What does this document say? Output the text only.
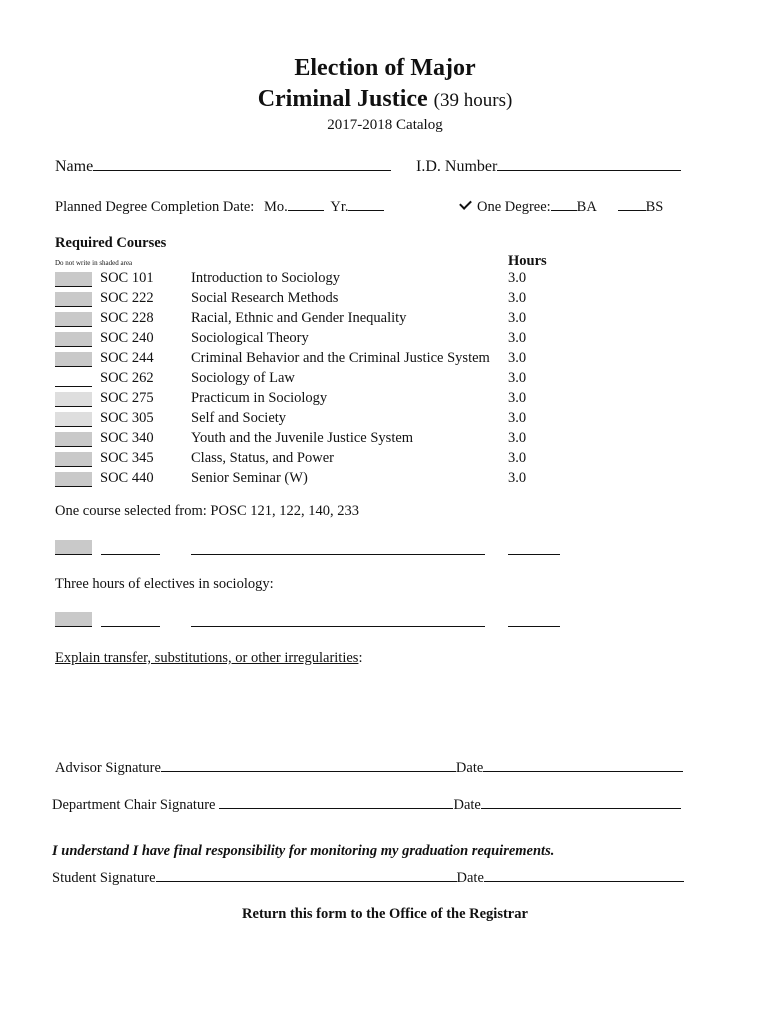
Election of Major
Criminal Justice (39 hours)
2017-2018 Catalog
Name	I.D. Number
Planned Degree Completion Date: Mo.	Yr.	One Degree: BA	BS
Required Courses
Do not write in shaded area	Hours
SOC 101	Introduction to Sociology	3.0
SOC 222	Social Research Methods	3.0
SOC 228	Racial, Ethnic and Gender Inequality	3.0
SOC 240	Sociological Theory	3.0
SOC 244	Criminal Behavior and the Criminal Justice System 3.0
SOC 262	Sociology of Law	3.0
SOC 275	Practicum in Sociology	3.0
SOC 305	Self and Society	3.0
SOC 340	Youth and the Juvenile Justice System	3.0
SOC 345	Class, Status, and Power	3.0
SOC 440	Senior Seminar (W)	3.0
One course selected from: POSC 121, 122, 140, 233
Three hours of electives in sociology:
Explain transfer, substitutions, or other irregularities:
Advisor Signature	Date
Department Chair Signature	Date
I understand I have final responsibility for monitoring my graduation requirements.
Student Signature	Date
Return this form to the Office of the Registrar
